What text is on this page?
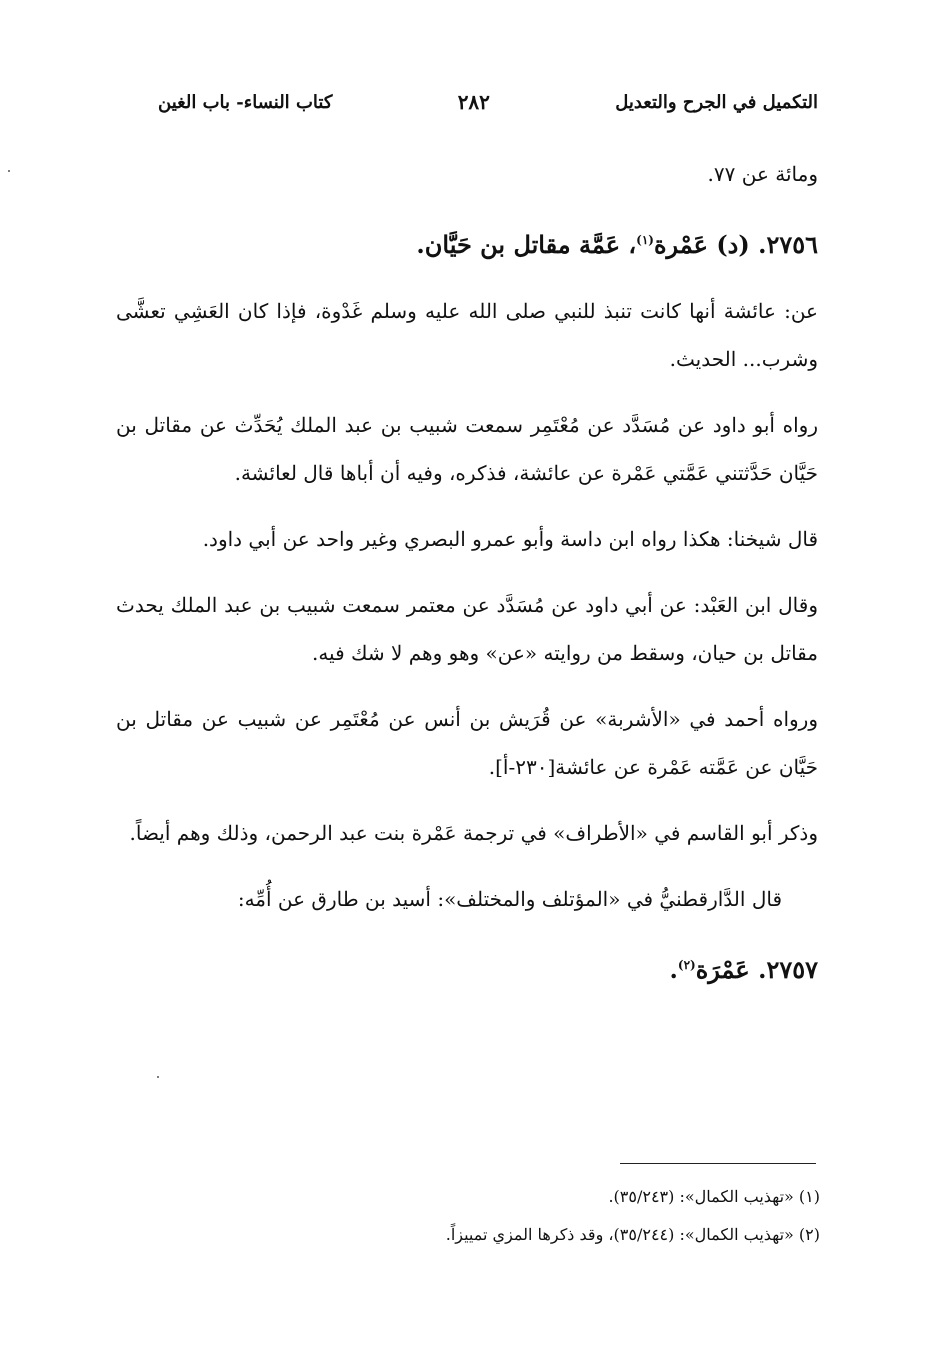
التكميل في الجرح والتعديل
٢٨٢
كتاب النساء- باب الغين

ومائة عن ٧٧.

٢٧٥٦. (د) عَمْرة$^{(١)}$، عَمَّة مقاتل بن حَيَّان.

عن: عائشة أنها كانت تنبذ للنبي صلى الله عليه وسلم غَدْوة، فإذا كان العَشِي تعشَّى وشرب... الحديث.

رواه أبو داود عن مُسَدَّد عن مُعْتَمِر سمعت شبيب بن عبد الملك يُحَدِّث عن مقاتل بن حَيَّان حَدَّثتني عَمَّتي عَمْرة عن عائشة، فذكره، وفيه أن أباها قال لعائشة.

قال شيخنا: هكذا رواه ابن داسة وأبو عمرو البصري وغير واحد عن أبي داود.

وقال ابن العَبْد: عن أبي داود عن مُسَدَّد عن معتمر سمعت شبيب بن عبد الملك يحدث مقاتل بن حيان، وسقط من روايته «عن» وهو وهم لا شك فيه.

ورواه أحمد في «الأشربة» عن قُرَيش بن أنس عن مُعْتَمِر عن شبيب عن مقاتل بن حَيَّان عن عَمَّته عَمْرة عن عائشة[٢٣٠-أ].

وذكر أبو القاسم في «الأطراف» في ترجمة عَمْرة بنت عبد الرحمن، وذلك وهم أيضاً.

قال الدَّارقطنيُّ في «المؤتلف والمختلف»: أسيد بن طارق عن أُمِّه:

٢٧٥٧. عَمْرَة$^{(٢)}$.

(١) «تهذيب الكمال»: (٣٥/٢٤٣).

(٢) «تهذيب الكمال»: (٣٥/٢٤٤)، وقد ذكرها المزي تمييزاً.
